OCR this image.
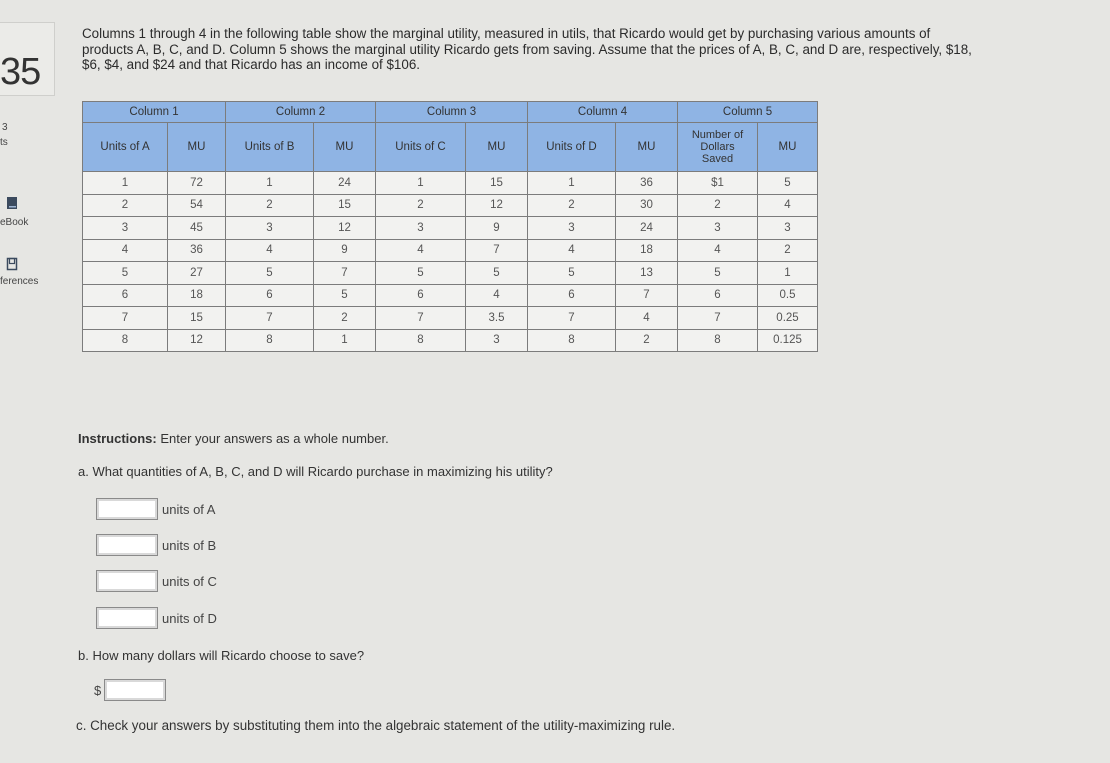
35
3
ts
eBook
ferences
Columns 1 through 4 in the following table show the marginal utility, measured in utils, that Ricardo would get by purchasing various amounts of products A, B, C, and D. Column 5 shows the marginal utility Ricardo gets from saving. Assume that the prices of A, B, C, and D are, respectively, $18, $6, $4, and $24 and that Ricardo has an income of $106.
Column 1		Column 2		Column 3		Column 4		Column 5	
Units of A	MU	Units of B	MU	Units of C	MU	Units of D	MU	Number of Dollars Saved	MU
1	72	1	24	1	15	1	36	$1	5
2	54	2	15	2	12	2	30	2	4
3	45	3	12	3	9	3	24	3	3
4	36	4	9	4	7	4	18	4	2
5	27	5	7	5	5	5	13	5	1
6	18	6	5	6	4	6	7	6	0.5
7	15	7	2	7	3.5	7	4	7	0.25
8	12	8	1	8	3	8	2	8	0.125
Instructions: Enter your answers as a whole number.
a. What quantities of A, B, C, and D will Ricardo purchase in maximizing his utility?
units of A
units of B
units of C
units of D
b. How many dollars will Ricardo choose to save?
$
c. Check your answers by substituting them into the algebraic statement of the utility-maximizing rule.
